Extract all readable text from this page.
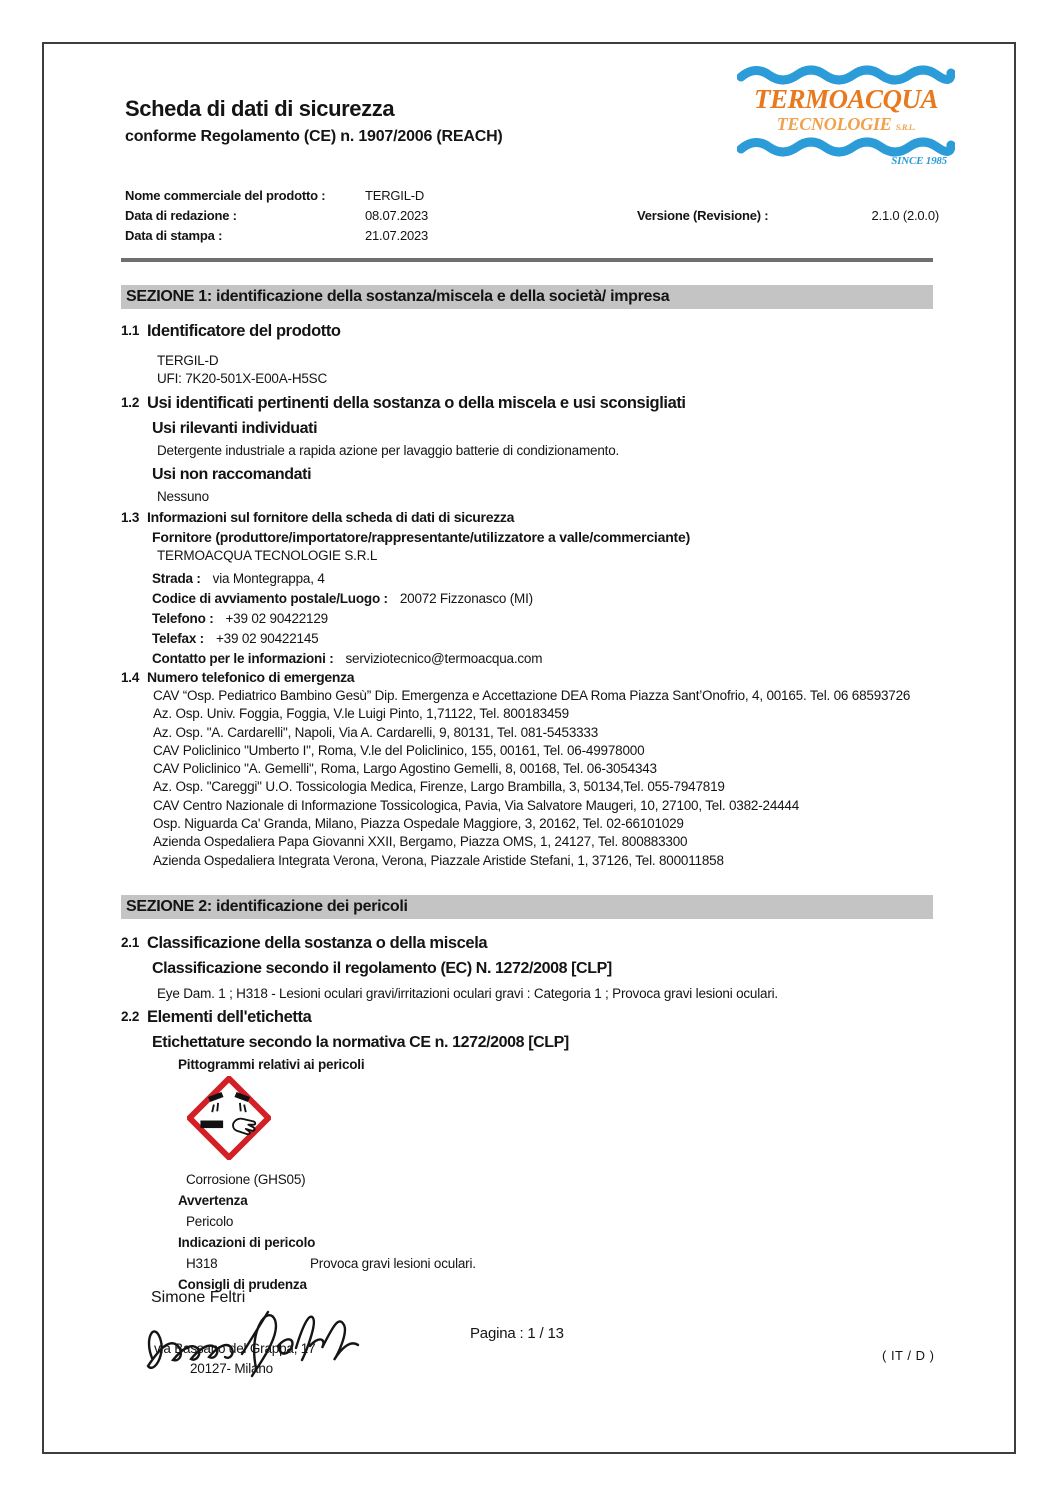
Scheda di dati di sicurezza
conforme Regolamento (CE) n. 1907/2006 (REACH)
TERMOACQUA
TECNOLOGIE S.R.L.
SINCE 1985
Nome commerciale del prodotto :	TERGIL-D
Data di redazione :	08.07.2023
Data di stampa :	21.07.2023
Versione (Revisione) :	2.1.0 (2.0.0)
SEZIONE 1: identificazione della sostanza/miscela e della società/ impresa
1.1 Identificatore del prodotto
TERGIL-D
UFI: 7K20-501X-E00A-H5SC
1.2 Usi identificati pertinenti della sostanza o della miscela e usi sconsigliati
Usi rilevanti individuati
Detergente industriale a rapida azione per lavaggio batterie di condizionamento.
Usi non raccomandati
Nessuno
1.3 Informazioni sul fornitore della scheda di dati di sicurezza
Fornitore (produttore/importatore/rappresentante/utilizzatore a valle/commerciante)
TERMOACQUA TECNOLOGIE S.R.L
Strada : via Montegrappa, 4
Codice di avviamento postale/Luogo : 20072 Fizzonasco (MI)
Telefono : +39 02 90422129
Telefax : +39 02 90422145
Contatto per le informazioni : serviziotecnico@termoacqua.com
1.4 Numero telefonico di emergenza
CAV “Osp. Pediatrico Bambino Gesù” Dip. Emergenza e Accettazione DEA Roma Piazza Sant’Onofrio, 4, 00165. Tel. 06 68593726
Az. Osp. Univ. Foggia, Foggia, V.le Luigi Pinto, 1,71122, Tel. 800183459
Az. Osp. "A. Cardarelli", Napoli, Via A. Cardarelli, 9, 80131, Tel. 081-5453333
CAV Policlinico "Umberto I", Roma, V.le del Policlinico, 155, 00161, Tel. 06-49978000
CAV Policlinico "A. Gemelli", Roma, Largo Agostino Gemelli, 8, 00168, Tel. 06-3054343
Az. Osp. "Careggi" U.O. Tossicologia Medica, Firenze, Largo Brambilla, 3, 50134,Tel. 055-7947819
CAV Centro Nazionale di Informazione Tossicologica, Pavia, Via Salvatore Maugeri, 10, 27100, Tel. 0382-24444
Osp. Niguarda Ca' Granda, Milano, Piazza Ospedale Maggiore, 3, 20162, Tel. 02-66101029
Azienda Ospedaliera Papa Giovanni XXII, Bergamo, Piazza OMS, 1, 24127, Tel. 800883300
Azienda Ospedaliera Integrata Verona, Verona, Piazzale Aristide Stefani, 1, 37126, Tel. 800011858
SEZIONE 2: identificazione dei pericoli
2.1 Classificazione della sostanza o della miscela
Classificazione secondo il regolamento (EC) N. 1272/2008 [CLP]
Eye Dam. 1 ; H318 - Lesioni oculari gravi/irritazioni oculari gravi : Categoria 1 ; Provoca gravi lesioni oculari.
2.2 Elementi dell'etichetta
Etichettature secondo la normativa CE n. 1272/2008 [CLP]
Pittogrammi relativi ai pericoli
Corrosione (GHS05)
Avvertenza
Pericolo
Indicazioni di pericolo
H318	Provoca gravi lesioni oculari.
Consigli di prudenza
Simone Feltri
via Bassano del Grappa, 17
20127- Milano
Pagina : 1 / 13
( IT / D )
